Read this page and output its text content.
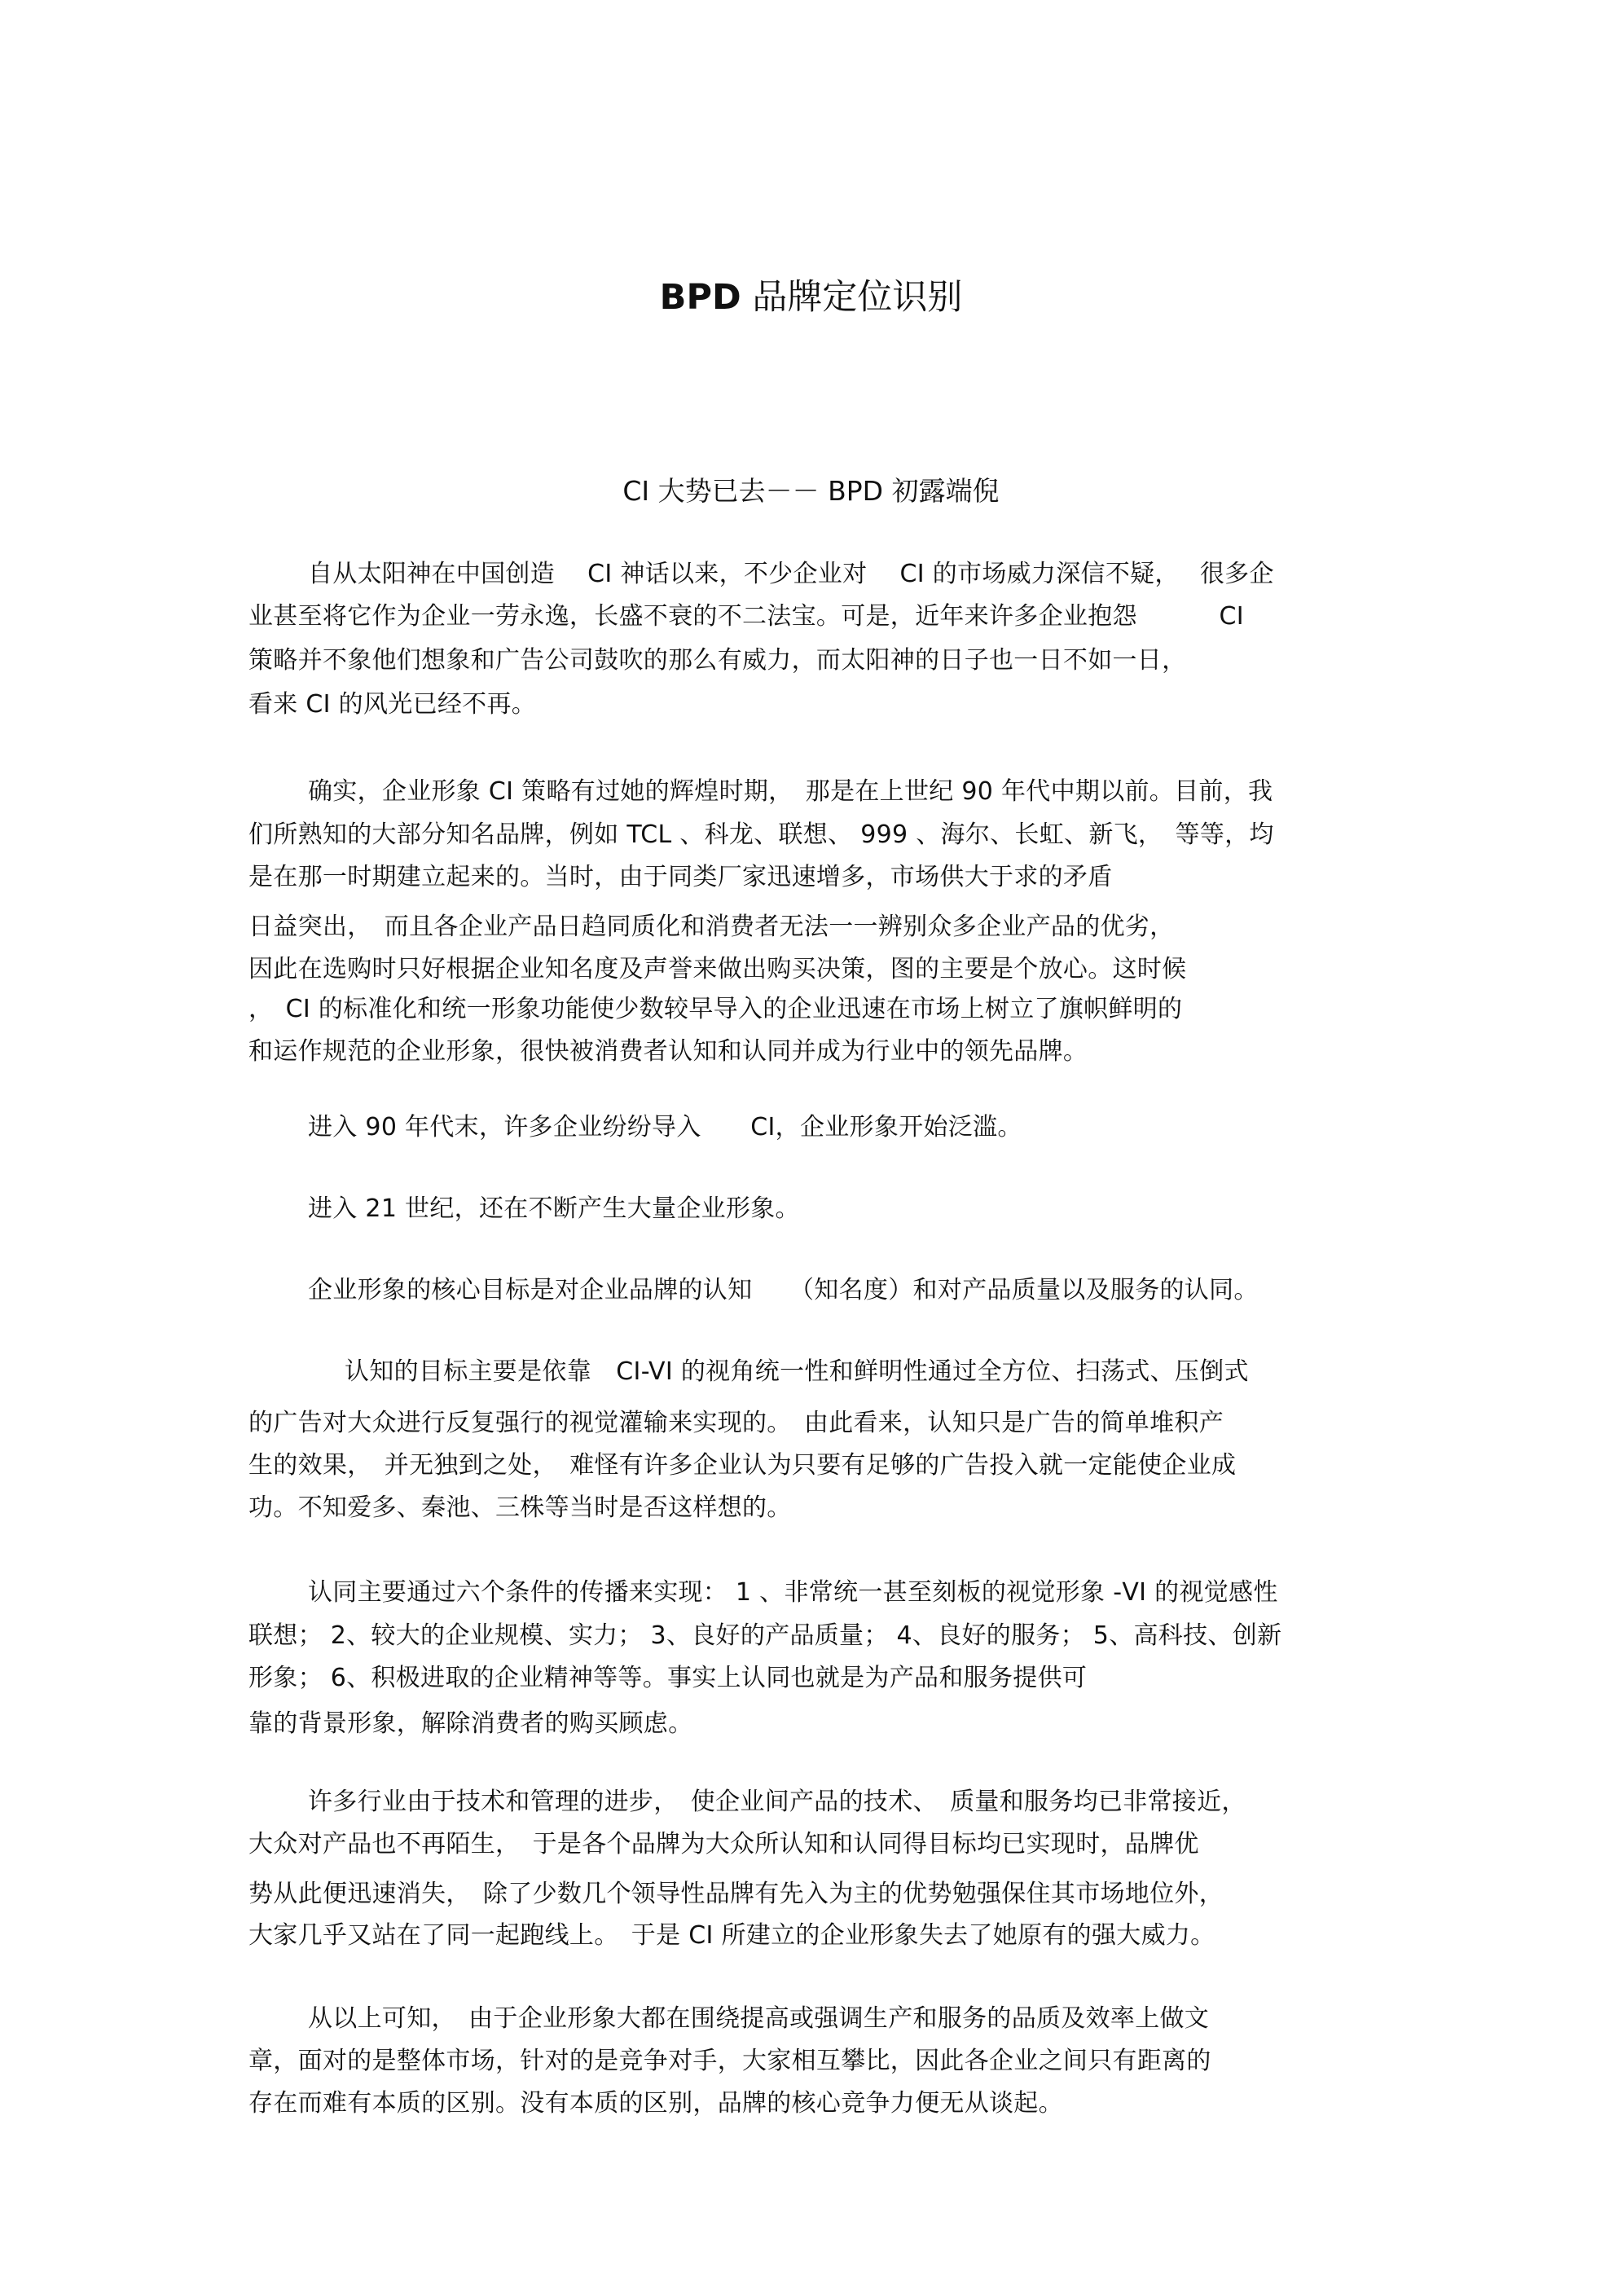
BPD 品牌定位识别
CI 大势已去－－ BPD 初露端倪
自从太阳神在中国创造　 CI 神话以来，不少企业对　 CI 的市场威力深信不疑，　 很多企
业甚至将它作为企业一劳永逸，长盛不衰的不二法宝。可是，近年来许多企业抱怨　　　 CI
策略并不象他们想象和广告公司鼓吹的那么有威力，而太阳神的日子也一日不如一日，
看来 CI 的风光已经不再。
确实，企业形象 CI 策略有过她的辉煌时期，　那是在上世纪 90 年代中期以前。目前，我
们所熟知的大部分知名品牌，例如 TCL 、科龙、联想、 999 、海尔、长虹、新飞，　等等，均
是在那一时期建立起来的。当时，由于同类厂家迅速增多，市场供大于求的矛盾
日益突出，　而且各企业产品日趋同质化和消费者无法一一辨别众多企业产品的优劣，
因此在选购时只好根据企业知名度及声誉来做出购买决策，图的主要是个放心。这时候
，　CI 的标准化和统一形象功能使少数较早导入的企业迅速在市场上树立了旗帜鲜明的
和运作规范的企业形象，很快被消费者认知和认同并成为行业中的领先品牌。
进入 90 年代末，许多企业纷纷导入　　CI，企业形象开始泛滥。
进入 21 世纪，还在不断产生大量企业形象。
企业形象的核心目标是对企业品牌的认知　　（知名度）和对产品质量以及服务的认同。
认知的目标主要是依靠　CI-VI 的视角统一性和鲜明性通过全方位、扫荡式、压倒式
的广告对大众进行反复强行的视觉灌输来实现的。　由此看来，认知只是广告的简单堆积产
生的效果，　并无独到之处，　难怪有许多企业认为只要有足够的广告投入就一定能使企业成
功。不知爱多、秦池、三株等当时是否这样想的。
认同主要通过六个条件的传播来实现： 1 、非常统一甚至刻板的视觉形象 -VI 的视觉感性
联想； 2、较大的企业规模、实力； 3、良好的产品质量； 4、良好的服务； 5、高科技、创新
形象； 6、积极进取的企业精神等等。事实上认同也就是为产品和服务提供可
靠的背景形象，解除消费者的购买顾虑。
许多行业由于技术和管理的进步，　使企业间产品的技术、　质量和服务均已非常接近，
大众对产品也不再陌生，　于是各个品牌为大众所认知和认同得目标均已实现时，品牌优
势从此便迅速消失，　除了少数几个领导性品牌有先入为主的优势勉强保住其市场地位外，
大家几乎又站在了同一起跑线上。　于是 CI 所建立的企业形象失去了她原有的强大威力。
从以上可知，　由于企业形象大都在围绕提高或强调生产和服务的品质及效率上做文
章，面对的是整体市场，针对的是竞争对手，大家相互攀比，因此各企业之间只有距离的
存在而难有本质的区别。没有本质的区别，品牌的核心竞争力便无从谈起。
